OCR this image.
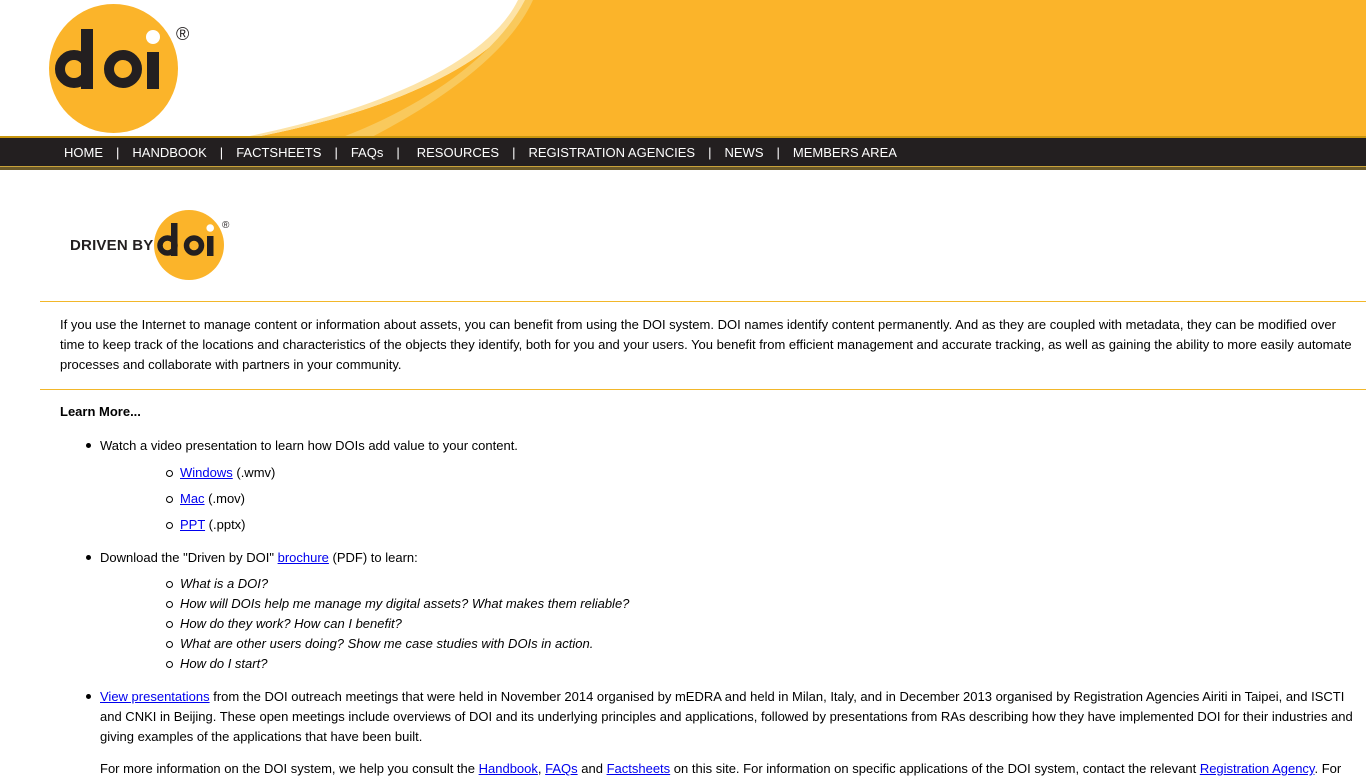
®
HOME	|	HANDBOOK	|	FACTSHEETS	|	FAQs	|	RESOURCES	|	REGISTRATION AGENCIES	|	NEWS	|	MEMBERS AREA
DRIVEN BY
®

If you use the Internet to manage content or information about assets, you can benefit from using the DOI system. DOI names identify content permanently. And as they are coupled with metadata, they can be modified over time to keep track of the locations and characteristics of the objects they identify, both for you and your users. You benefit from efficient management and accurate tracking, as well as gaining the ability to more easily automate processes and collaborate with partners in your community.

Learn More...
Watch a video presentation to learn how DOIs add value to your content.
Windows (.wmv)
Mac (.mov)
PPT (.pptx)
Download the "Driven by DOI" brochure (PDF) to learn:
What is a DOI?
How will DOIs help me manage my digital assets? What makes them reliable?
How do they work? How can I benefit?
What are other users doing? Show me case studies with DOIs in action.
How do I start?
View presentations from the DOI outreach meetings that were held in November 2014 organised by mEDRA and held in Milan, Italy, and in December 2013 organised by Registration Agencies Airiti in Taipei, and ISCTI and CNKI in Beijing. These open meetings include overviews of DOI and its underlying principles and applications, followed by presentations from RAs describing how they have implemented DOI for their industries and giving examples of the applications that have been built.

For more information on the DOI system, we help you consult the Handbook, FAQs and Factsheets on this site. For information on specific applications of the DOI system, contact the relevant Registration Agency. For
